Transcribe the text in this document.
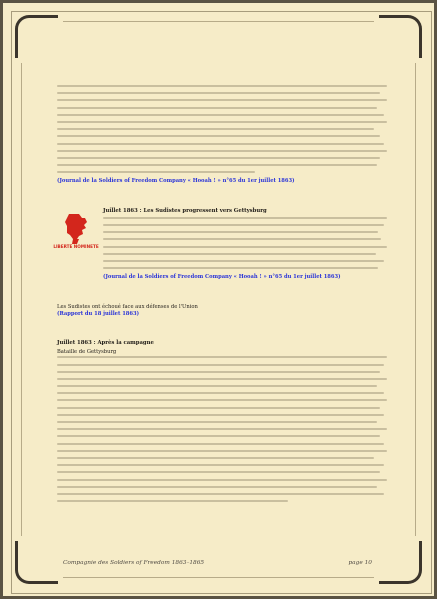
(Journal de la Soldiers of Freedom Company « Hooah ! » n°65 du 1er juillet 1863)
LIBERTE NOMINETE

Juillet 1863 : Les Sudistes progressent vers Gettysburg

(Journal de la Soldiers of Freedom Company « Hooah ! » n°65 du 1er juillet 1863)

Les Sudistes ont échoué face aux défenses de l'Union

(Rapport du 18 juillet 1863)

Juillet 1863 : Après la campagne

Bataille de Gettysburg

Compagnie des Soldiers of Freedom 1863–1865	page 10
